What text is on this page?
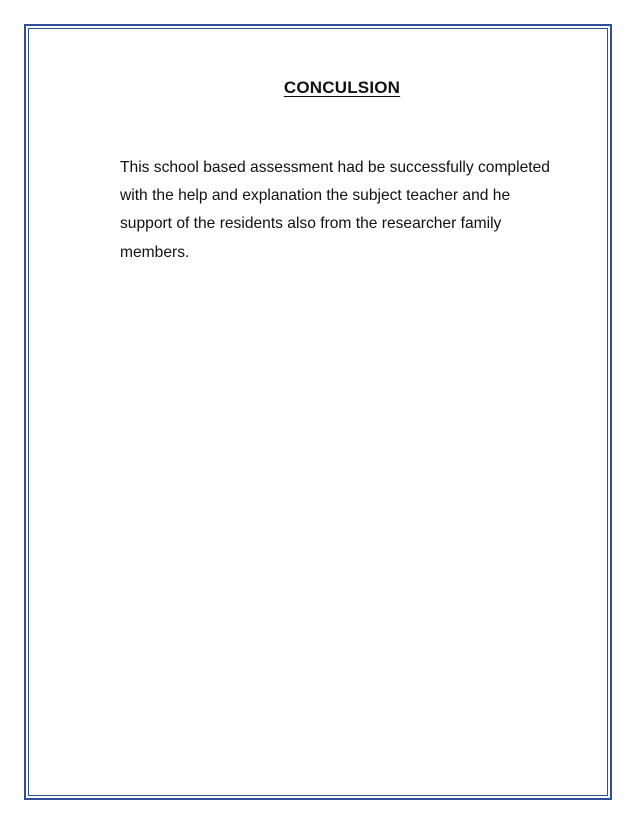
CONCULSION

This school based assessment had be successfully completed with the help and explanation the subject teacher and he support of the residents also from the researcher family members.
